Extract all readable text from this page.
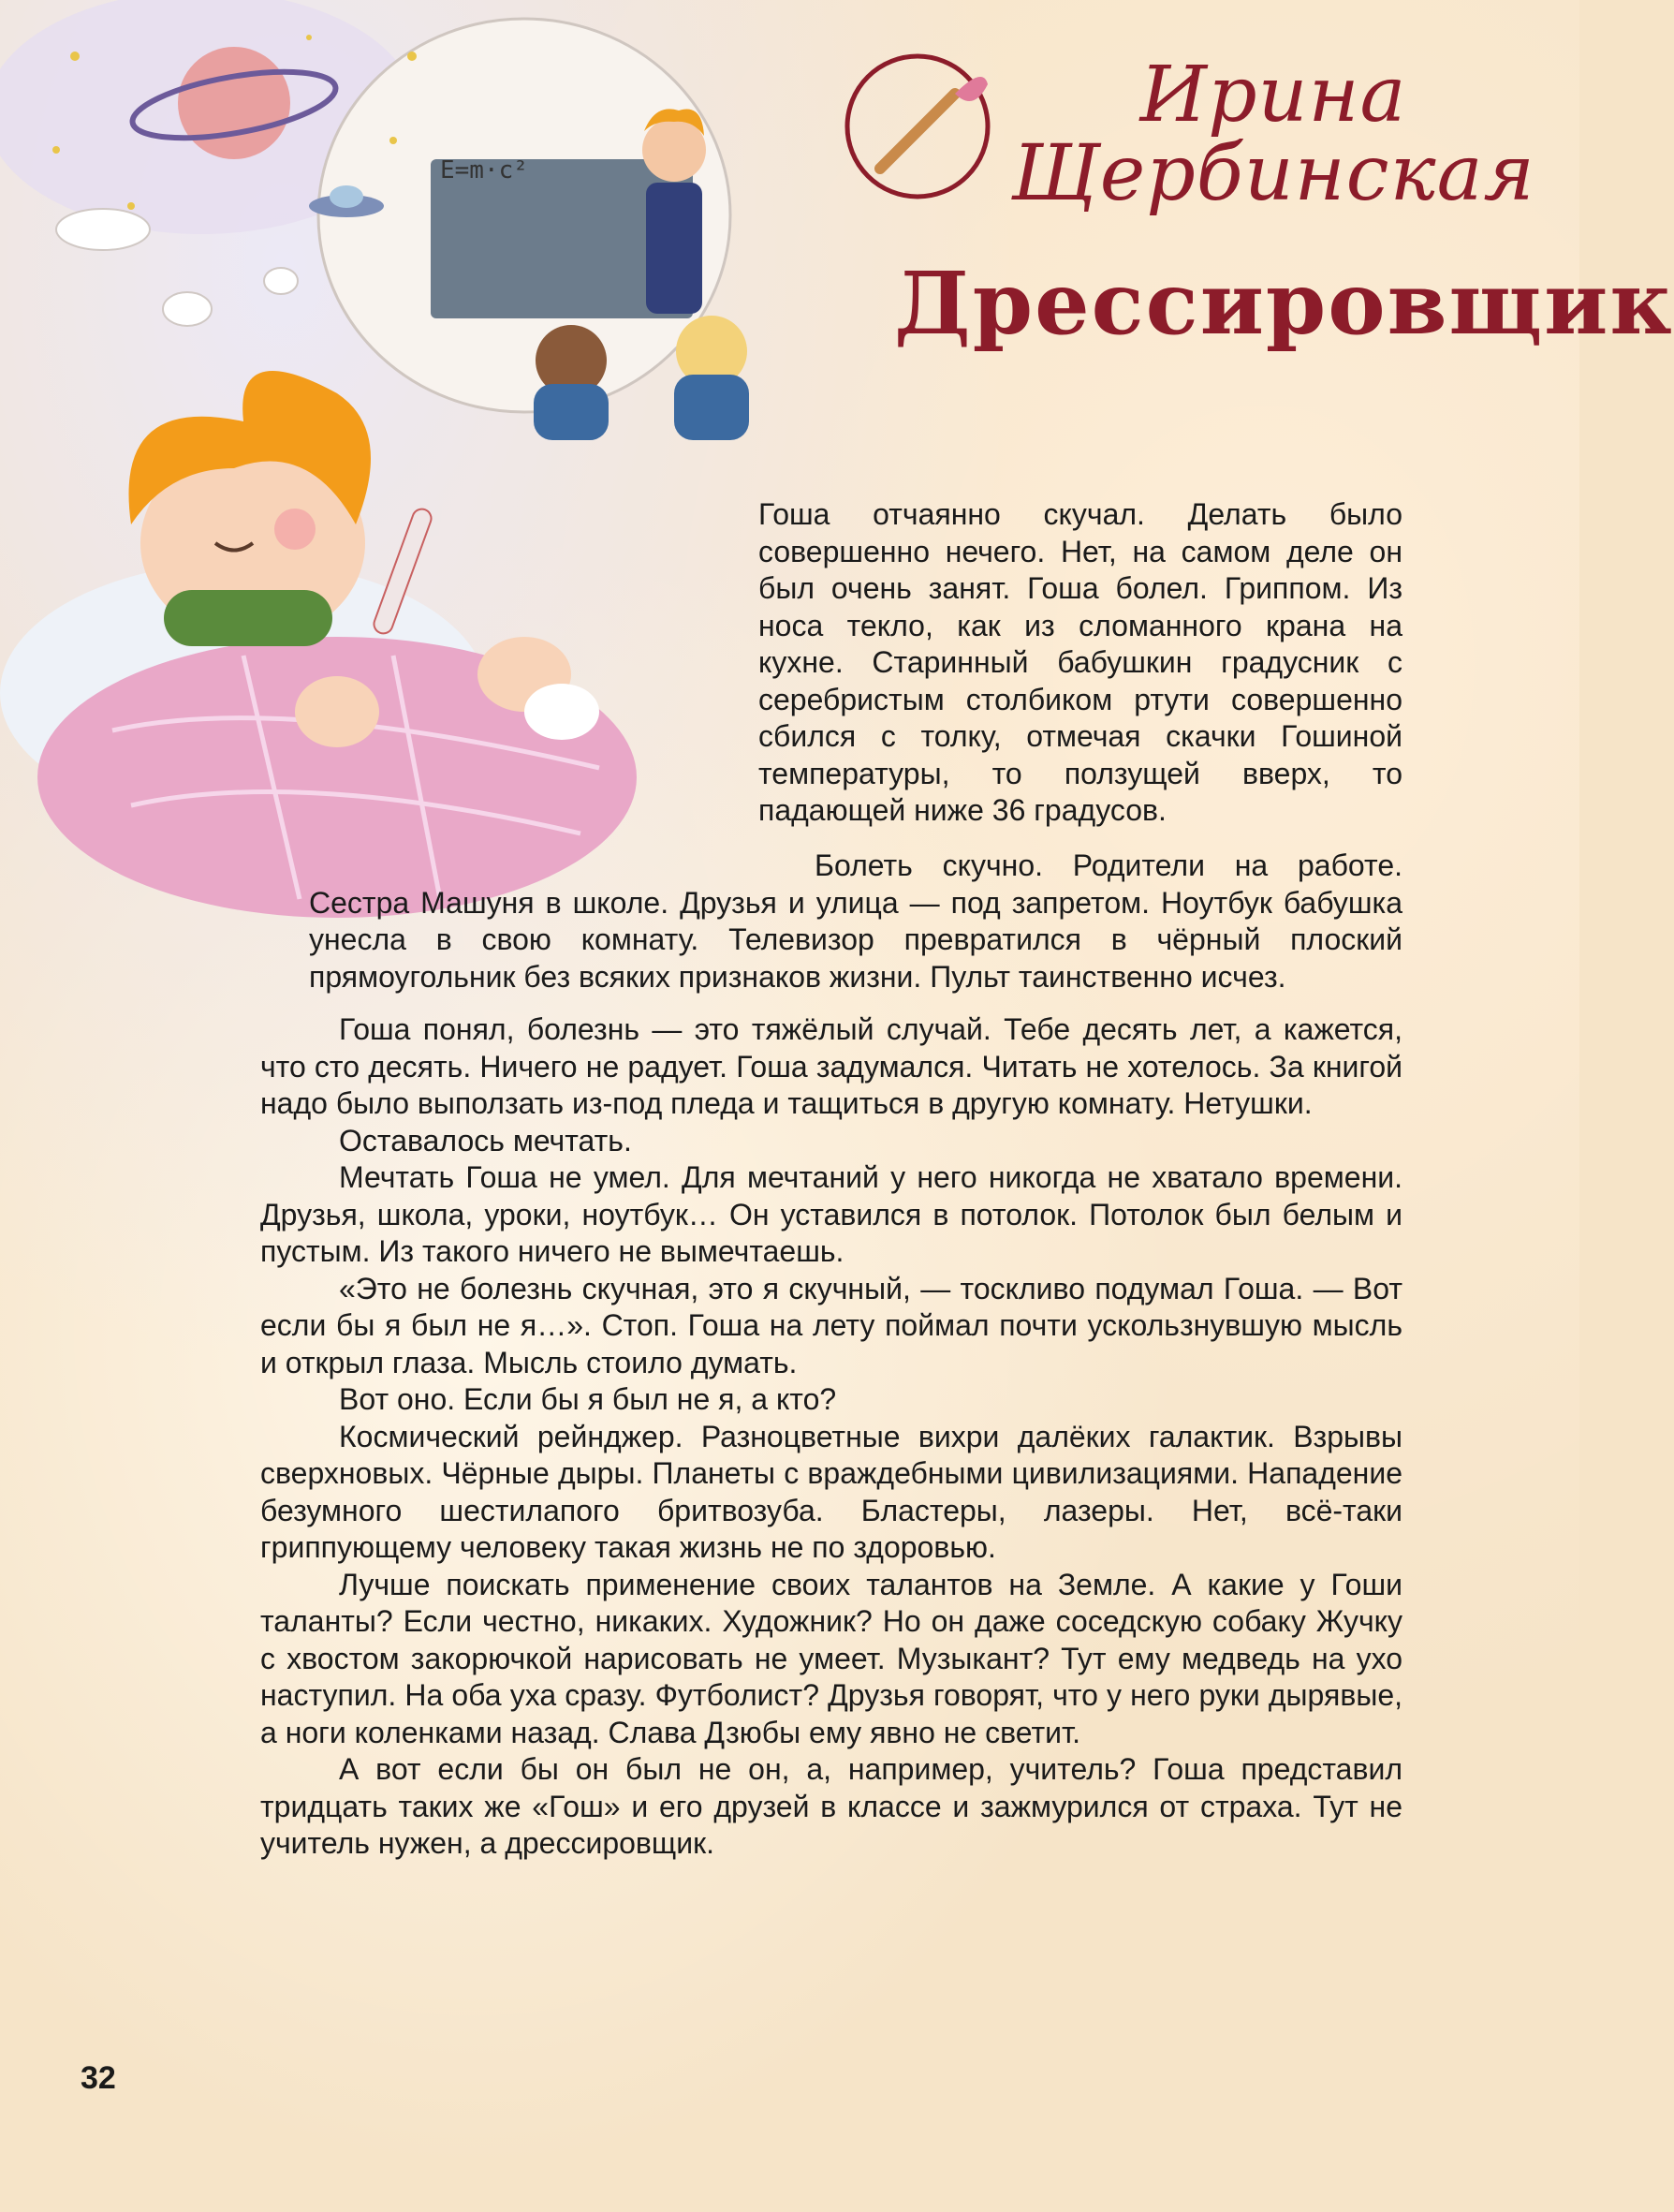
E=m·c²
Ирина Щербинская
Дрессировщик

Гоша отчаянно скучал. Делать было совершенно нечего. Нет, на самом деле он был очень занят. Гоша болел. Гриппом. Из носа текло, как из сломанного крана на кухне. Старинный бабушкин градусник с серебристым столбиком ртути совершенно сбился с толку, отмечая скачки Гошиной температуры, то ползущей вверх, то падающей ниже 36 градусов.

Болеть скучно. Родители на работе. Сестра Машуня в школе. Друзья и улица — под запретом. Ноутбук бабушка унесла в свою комнату. Телевизор превратился в чёрный плоский прямоугольник без всяких признаков жизни. Пульт таинственно исчез.

Гоша понял, болезнь — это тяжёлый случай. Тебе десять лет, а кажется, что сто десять. Ничего не радует. Гоша задумался. Читать не хотелось. За книгой надо было выползать из-под пледа и тащиться в другую комнату. Нетушки.

Оставалось мечтать.

Мечтать Гоша не умел. Для мечтаний у него никогда не хватало времени. Друзья, школа, уроки, ноутбук… Он уставился в потолок. Потолок был белым и пустым. Из такого ничего не вымечтаешь.

«Это не болезнь скучная, это я скучный, — тоскливо подумал Гоша. — Вот если бы я был не я…». Стоп. Гоша на лету поймал почти ускользнувшую мысль и открыл глаза. Мысль стоило думать.

Вот оно. Если бы я был не я, а кто?

Космический рейнджер. Разноцветные вихри далёких галактик. Взрывы сверхновых. Чёрные дыры. Планеты с враждебными цивилизациями. Нападение безумного шестилапого бритвозуба. Бластеры, лазеры. Нет, всё-таки гриппующему человеку такая жизнь не по здоровью.

Лучше поискать применение своих талантов на Земле. А какие у Гоши таланты? Если честно, никаких. Художник? Но он даже соседскую собаку Жучку с хвостом закорючкой нарисовать не умеет. Музыкант? Тут ему медведь на ухо наступил. На оба уха сразу. Футболист? Друзья говорят, что у него руки дырявые, а ноги коленками назад. Слава Дзюбы ему явно не светит.

А вот если бы он был не он, а, например, учитель? Гоша представил тридцать таких же «Гош» и его друзей в классе и зажмурился от страха. Тут не учитель нужен, а дрессировщик.

32
